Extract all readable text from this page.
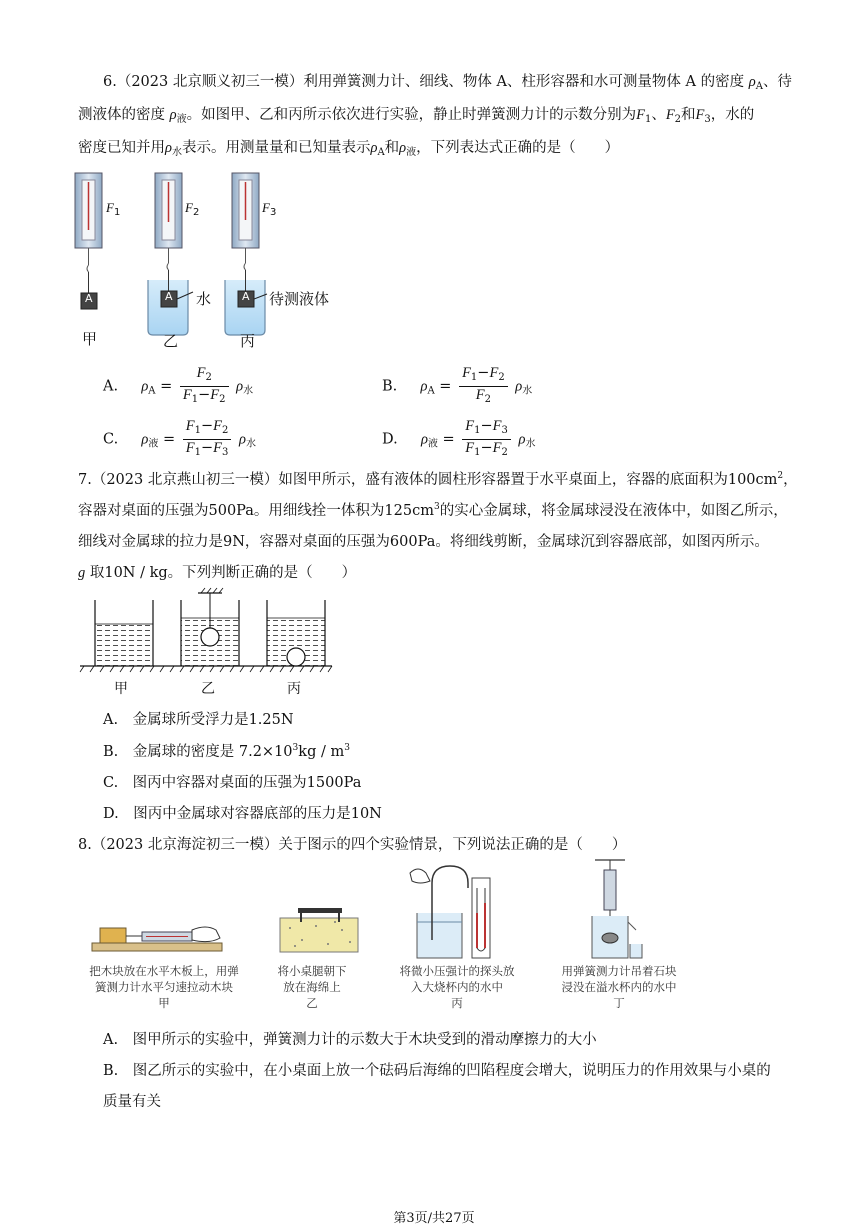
6.（2023 北京顺义初三一模）利用弹簧测力计、细线、物体 A、柱形容器和水可测量物体 A 的密度 $\rho_A$、待
测液体的密度 $\rho_液$。如图甲、乙和丙所示依次进行实验，静止时弹簧测力计的示数分别为$F_1$、$F_2$和$F_3$，水的
密度已知并用$\rho_水$表示。用测量量和已知量表示$\rho_A$和$\rho_液$，下列表达式正确的是（　　）
$F_1$	$F_2$	$F_3$
A	A	A
水	待测液体
甲	乙	丙
A. $\rho_A = \frac{F_2}{F_1-F_2} \rho_水$	B. $\rho_A = \frac{F_1-F_2}{F_2} \rho_水$
C. $\rho_液 = \frac{F_1-F_2}{F_1-F_3} \rho_水$	D. $\rho_液 = \frac{F_1-F_3}{F_1-F_2} \rho_水$
7.（2023 北京燕山初三一模）如图甲所示，盛有液体的圆柱形容器置于水平桌面上，容器的底面积为$100cm^2$，
容器对桌面的压强为500Pa。用细线拴一体积为$125cm^3$的实心金属球，将金属球浸没在液体中，如图乙所示，
细线对金属球的拉力是9N，容器对桌面的压强为600Pa。将细线剪断，金属球沉到容器底部，如图丙所示。
g 取10N / kg。下列判断正确的是（　　）
甲	乙	丙
A.　金属球所受浮力是1.25N
B.　金属球的密度是 $7.2\times 10^3kg / m^3$
C.　图丙中容器对桌面的压强为1500Pa
D.　图丙中金属球对容器底部的压力是10N
8.（2023 北京海淀初三一模）关于图示的四个实验情景，下列说法正确的是（　　）
把木块放在水平木板上，用弹
簧测力计水平匀速拉动木块
甲
将小桌腿朝下
放在海绵上
乙
将微小压强计的探头放
入大烧杯内的水中
丙
用弹簧测力计吊着石块
浸没在溢水杯内的水中
丁
A.　图甲所示的实验中，弹簧测力计的示数大于木块受到的滑动摩擦力的大小
B.　图乙所示的实验中，在小桌面上放一个砝码后海绵的凹陷程度会增大，说明压力的作用效果与小桌的
质量有关
第3页/共27页
